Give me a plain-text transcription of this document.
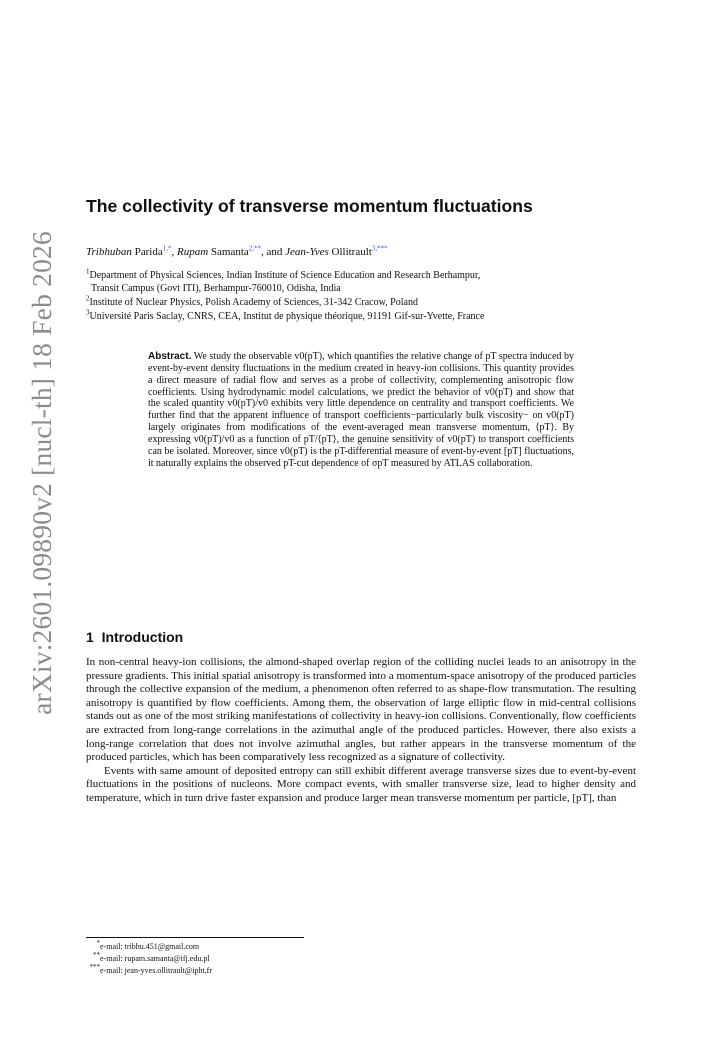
arXiv:2601.09890v2 [nucl-th] 18 Feb 2026
The collectivity of transverse momentum fluctuations
Tribhuban Parida$^{1,*}$, Rupam Samanta$^{2,**}$, and Jean-Yves Ollitrault$^{3,***}$
$^1$Department of Physical Sciences, Indian Institute of Science Education and Research Berhampur,
Transit Campus (Govt ITI), Berhampur-760010, Odisha, India
$^2$Institute of Nuclear Physics, Polish Academy of Sciences, 31-342 Cracow, Poland
$^3$Université Paris Saclay, CNRS, CEA, Institut de physique théorique, 91191 Gif-sur-Yvette, France
Abstract. We study the observable v0(pT), which quantifies the relative change of pT spectra induced by event-by-event density fluctuations in the medium created in heavy-ion collisions. This quantity provides a direct measure of radial flow and serves as a probe of collectivity, complementing anisotropic flow coefficients. Using hydrodynamic model calculations, we predict the behavior of v0(pT) and show that the scaled quantity v0(pT)/v0 exhibits very little dependence on centrality and transport coefficients. We further find that the apparent influence of transport coefficients−particularly bulk viscosity− on v0(pT) largely originates from modifications of the event-averaged mean transverse momentum, ⟨pT⟩. By expressing v0(pT)/v0 as a function of pT/⟨pT⟩, the genuine sensitivity of v0(pT) to transport coefficients can be isolated. Moreover, since v0(pT) is the pT-differential measure of event-by-event [pT] fluctuations, it naturally explains the observed pT-cut dependence of σpT measured by ATLAS collaboration.
1 Introduction

In non-central heavy-ion collisions, the almond-shaped overlap region of the colliding nuclei leads to an anisotropy in the pressure gradients. This initial spatial anisotropy is transformed into a momentum-space anisotropy of the produced particles through the collective expansion of the medium, a phenomenon often referred to as shape-flow transmutation. The resulting anisotropy is quantified by flow coefficients. Among them, the observation of large elliptic flow in mid-central collisions stands out as one of the most striking manifestations of collectivity in heavy-ion collisions. Conventionally, flow coefficients are extracted from long-range correlations in the azimuthal angle of the produced particles. However, there also exists a long-range correlation that does not involve azimuthal angles, but rather appears in the transverse momentum of the produced particles, which has been comparatively less recognized as a signature of collectivity.

Events with same amount of deposited entropy can still exhibit different average transverse sizes due to event-by-event fluctuations in the positions of nucleons. More compact events, with smaller transverse size, lead to higher density and temperature, which in turn drive faster expansion and produce larger mean transverse momentum per particle, [pT], than

*e-mail: tribhu.451@gmail.com
**e-mail: rupam.samanta@ifj.edu.pl
***e-mail: jean-yves.ollitrault@ipht.fr
